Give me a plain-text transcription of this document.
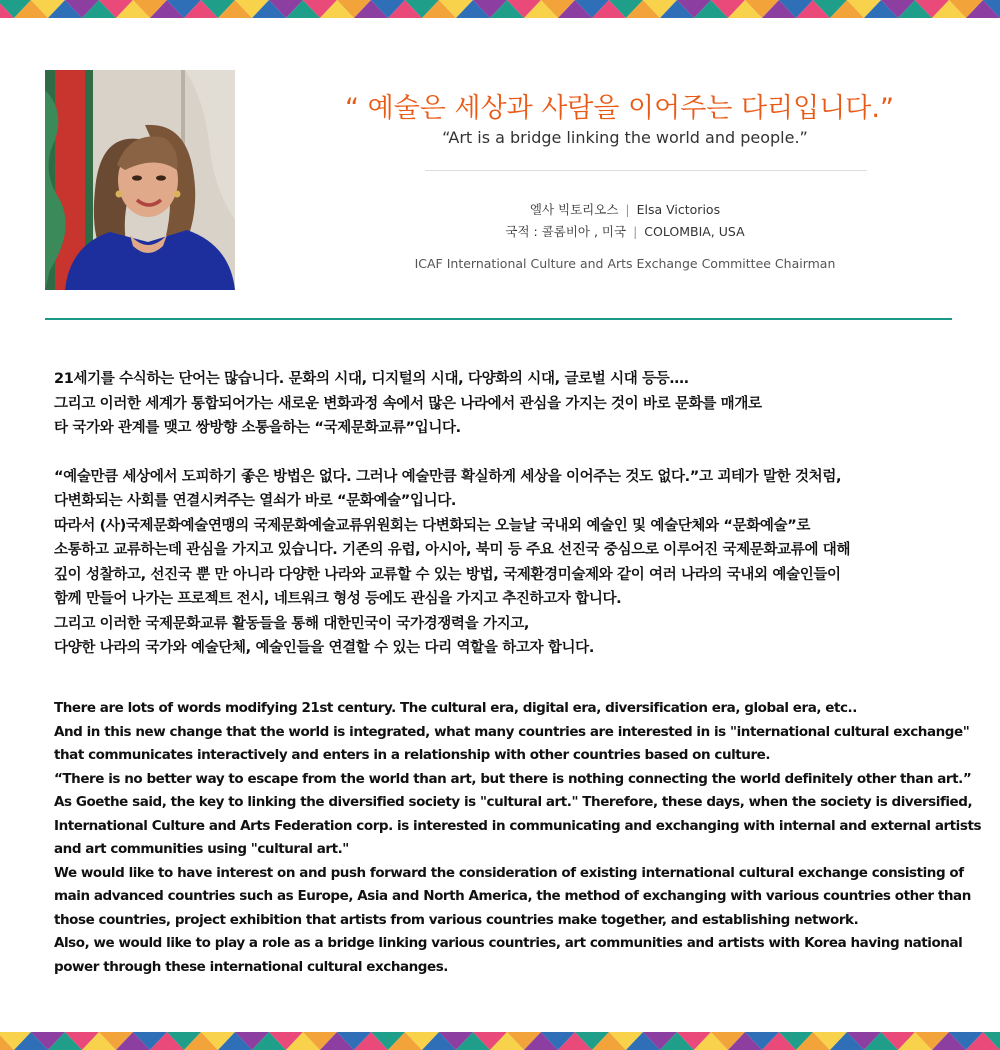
“ 예술은 세상과 사람을 이어주는 다리입니다.”
“Art is a bridge linking the world and people.”
엘사 빅토리오스 | Elsa Victorios
국적 : 콜롬비아 , 미국 | COLOMBIA, USA
ICAF International Culture and Arts Exchange Committee Chairman

21세기를 수식하는 단어는 많습니다. 문화의 시대, 디지털의 시대, 다양화의 시대, 글로벌 시대 등등….

그리고 이러한 세계가 통합되어가는 새로운 변화과정 속에서 많은 나라에서 관심을 가지는 것이 바로 문화를 매개로

타 국가와 관계를 맺고 쌍방향 소통을하는 “국제문화교류”입니다.

“예술만큼 세상에서 도피하기 좋은 방법은 없다. 그러나 예술만큼 확실하게 세상을 이어주는 것도 없다.”고 괴테가 말한 것처럼,

다변화되는 사회를 연결시켜주는 열쇠가 바로 “문화예술”입니다.

따라서 (사)국제문화예술연맹의 국제문화예술교류위원회는 다변화되는 오늘날 국내외 예술인 및 예술단체와 “문화예술”로

소통하고 교류하는데 관심을 가지고 있습니다. 기존의 유럽, 아시아, 북미 등 주요 선진국 중심으로 이루어진 국제문화교류에 대해

깊이 성찰하고, 선진국 뿐 만 아니라 다양한 나라와 교류할 수 있는 방법, 국제환경미술제와 같이 여러 나라의 국내외 예술인들이

함께 만들어 나가는 프로젝트 전시, 네트워크 형성 등에도 관심을 가지고 추진하고자 합니다.

그리고 이러한 국제문화교류 활동들을 통해 대한민국이 국가경쟁력을 가지고,

다양한 나라의 국가와 예술단체, 예술인들을 연결할 수 있는 다리 역할을 하고자 합니다.

There are lots of words modifying 21st century. The cultural era, digital era, diversification era, global era, etc..

And in this new change that the world is integrated, what many countries are interested in is "international cultural exchange"

that communicates interactively and enters in a relationship with other countries based on culture.

“There is no better way to escape from the world than art, but there is nothing connecting the world definitely other than art.”

As Goethe said, the key to linking the diversified society is "cultural art." Therefore, these days, when the society is diversified,

International Culture and Arts Federation corp. is interested in communicating and exchanging with internal and external artists

and art communities using "cultural art."

We would like to have interest on and push forward the consideration of existing international cultural exchange consisting of

main advanced countries such as Europe, Asia and North America, the method of exchanging with various countries other than

those countries, project exhibition that artists from various countries make together, and establishing network.

Also, we would like to play a role as a bridge linking various countries, art communities and artists with Korea having national

power through these international cultural exchanges.
